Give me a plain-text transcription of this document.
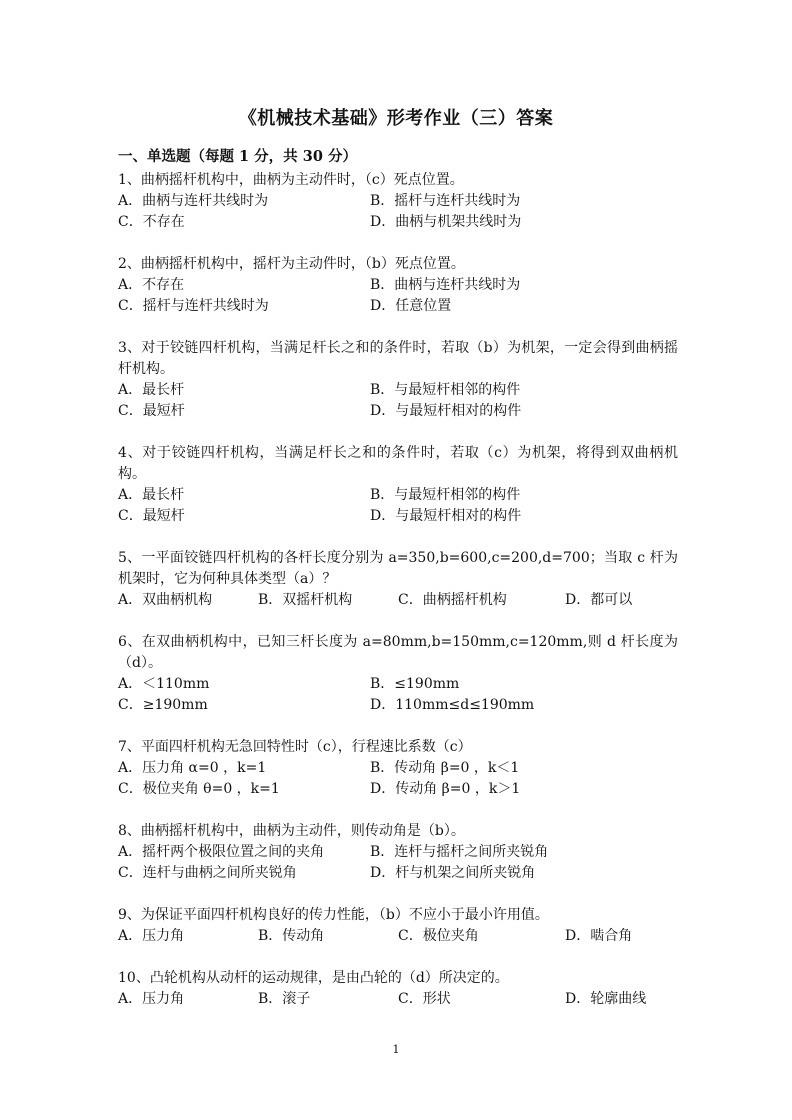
《机械技术基础》形考作业（三）答案
一、单选题（每题 1 分，共 30 分）

1、曲柄摇杆机构中，曲柄为主动件时，（c）死点位置。

A．曲柄与连杆共线时为	B．摇杆与连杆共线时为
C．不存在	D．曲柄与机架共线时为

2、曲柄摇杆机构中，摇杆为主动件时，（b）死点位置。

A．不存在	B．曲柄与连杆共线时为
C．摇杆与连杆共线时为	D．任意位置

3、对于铰链四杆机构，当满足杆长之和的条件时，若取（b）为机架，一定会得到曲柄摇杆机构。

A．最长杆	B．与最短杆相邻的构件
C．最短杆	D．与最短杆相对的构件

4、对于铰链四杆机构，当满足杆长之和的条件时，若取（c）为机架，将得到双曲柄机构。

A．最长杆	B．与最短杆相邻的构件
C．最短杆	D．与最短杆相对的构件

5、一平面铰链四杆机构的各杆长度分别为 a=350,b=600,c=200,d=700；当取 c 杆为机架时，它为何种具体类型（a）？

A．双曲柄机构	B．双摇杆机构	C．曲柄摇杆机构	D．都可以

6、在双曲柄机构中，已知三杆长度为 a=80mm,b=150mm,c=120mm,则 d 杆长度为（d）。

A．＜110mm	B．≤190mm
C．≥190mm	D．110mm≤d≤190mm

7、平面四杆机构无急回特性时（c），行程速比系数（c）

A．压力角 α=0 ，k=1	B．传动角 β=0 ，k＜1
C．极位夹角 θ=0 ，k=1	D．传动角 β=0 ，k＞1

8、曲柄摇杆机构中，曲柄为主动件，则传动角是（b）。

A．摇杆两个极限位置之间的夹角	B．连杆与摇杆之间所夹锐角
C．连杆与曲柄之间所夹锐角	D．杆与机架之间所夹锐角

9、为保证平面四杆机构良好的传力性能，（b）不应小于最小许用值。

A．压力角	B．传动角	C．极位夹角	D．啮合角

10、凸轮机构从动杆的运动规律，是由凸轮的（d）所决定的。

A．压力角	B．滚子	C．形状	D．轮廓曲线
1
